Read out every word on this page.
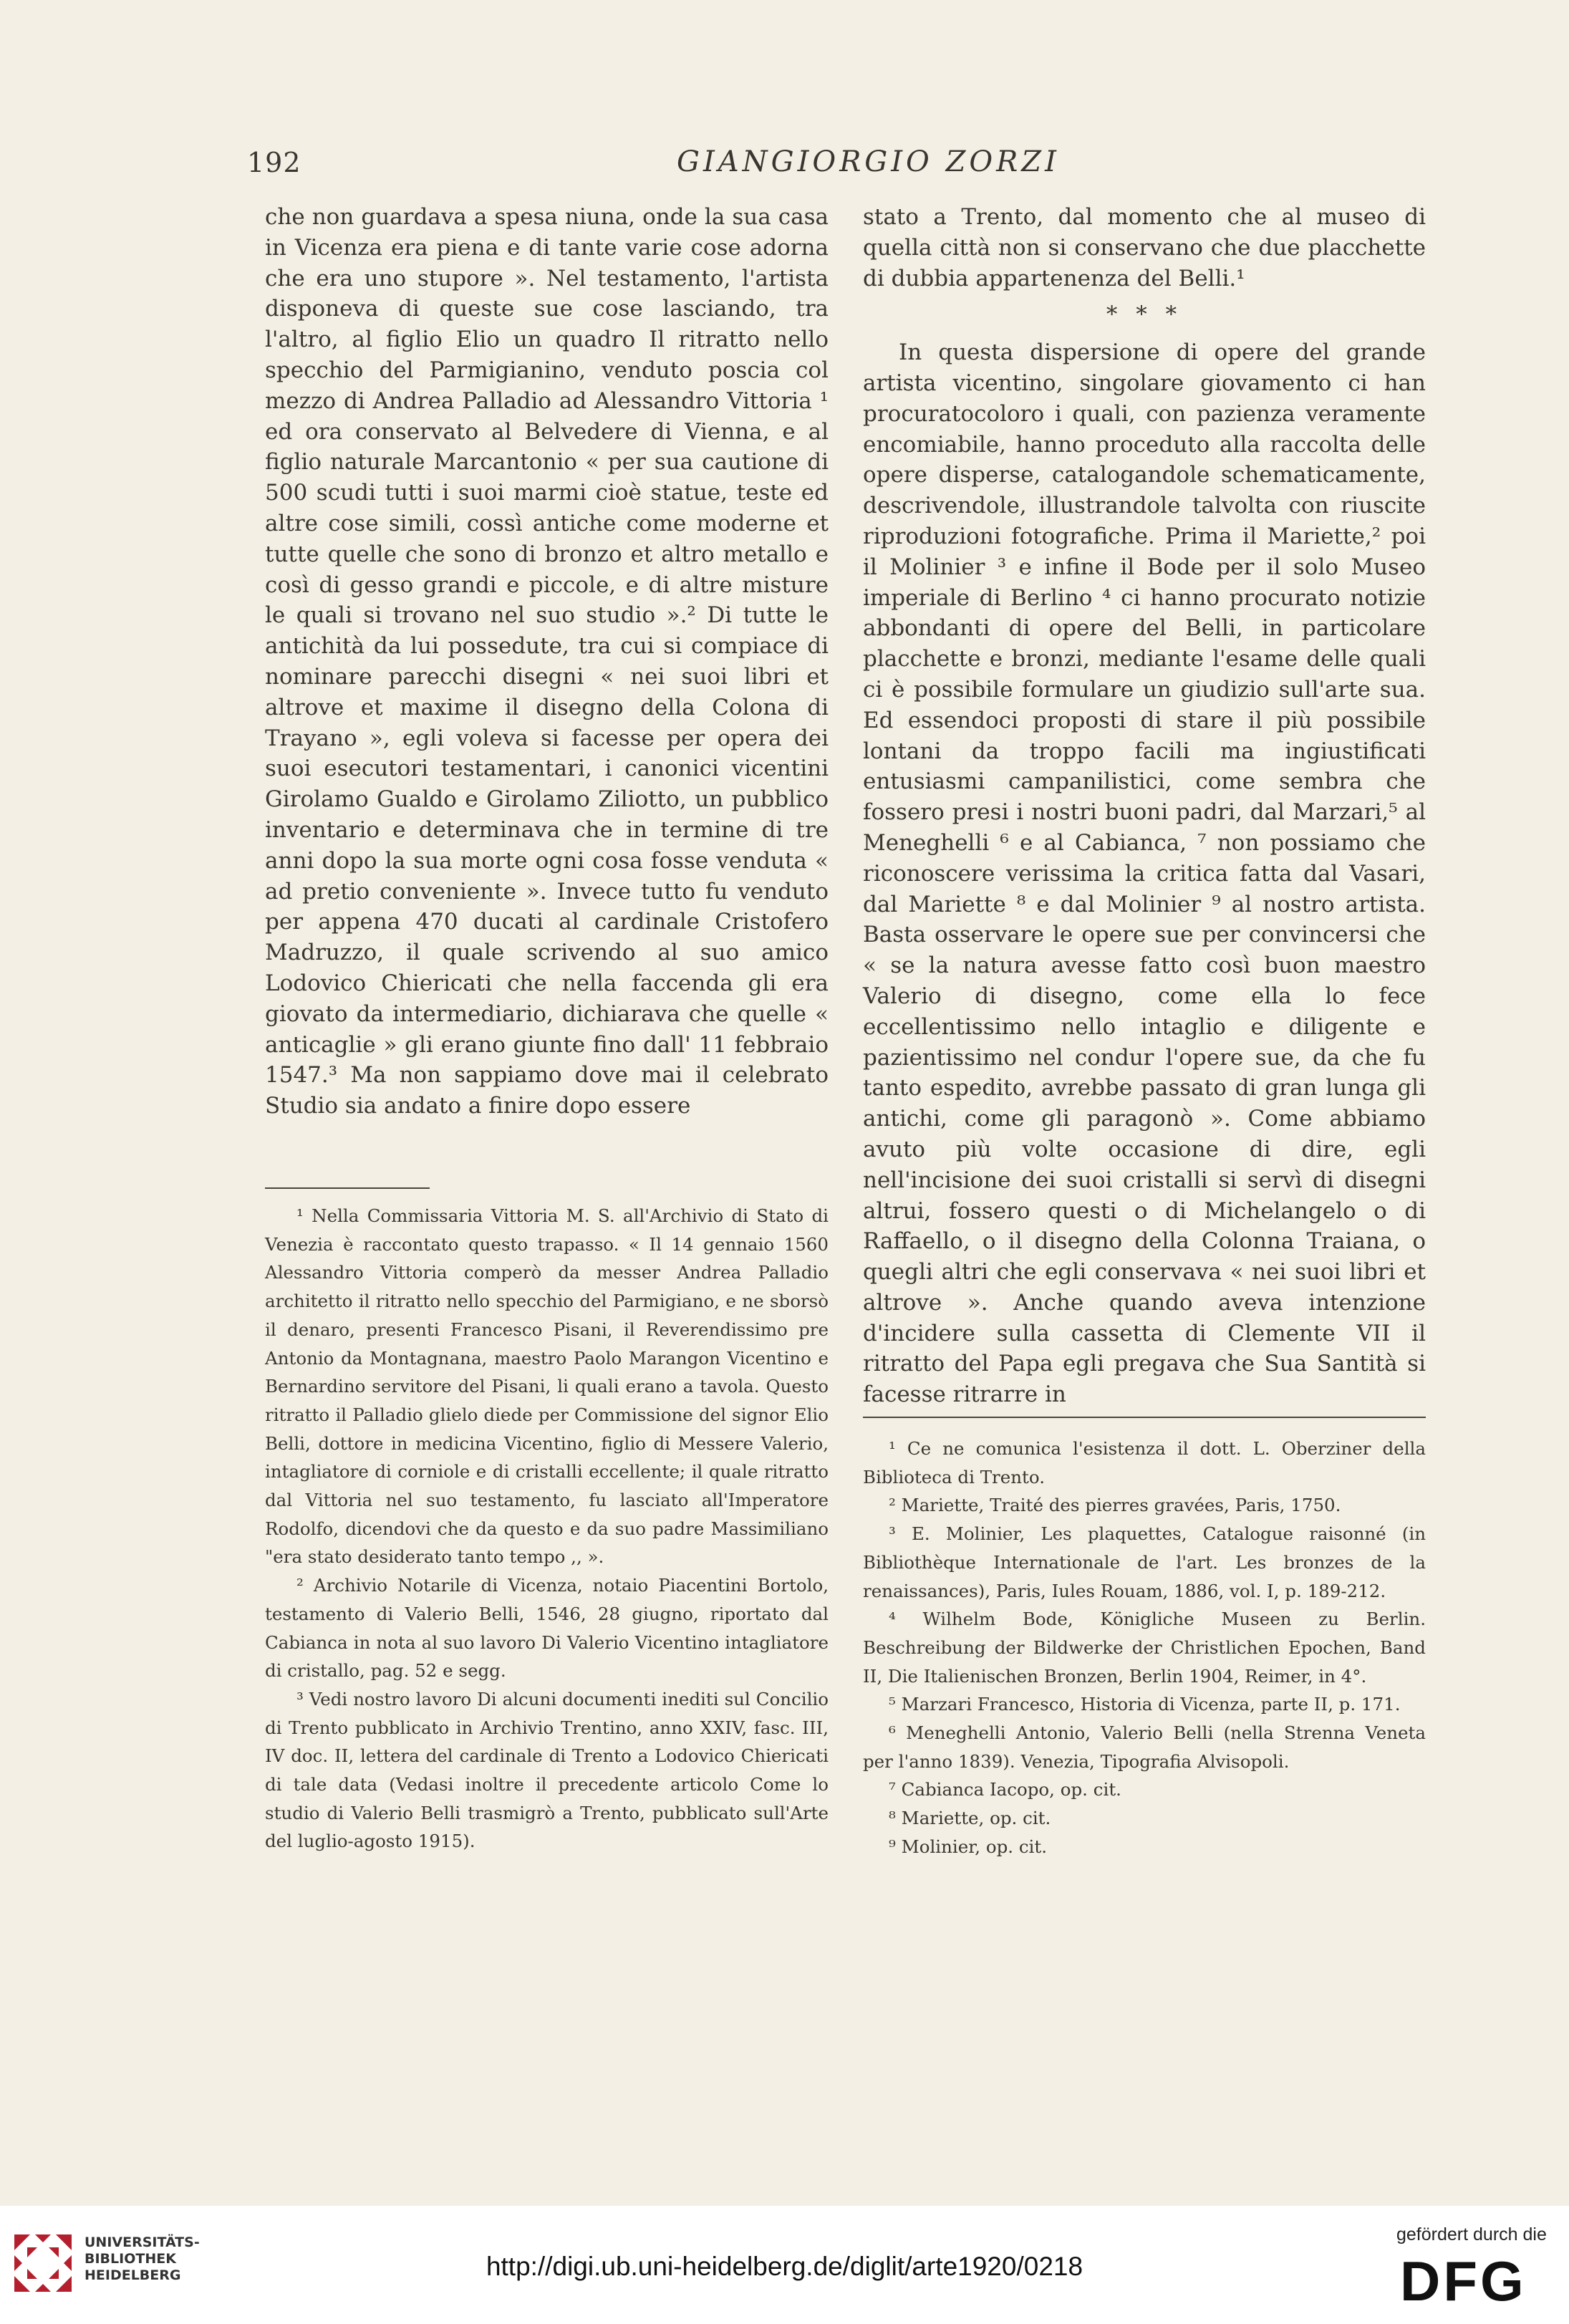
192	GIANGIORGIO ZORZI

che non guardava a spesa niuna, onde la sua casa in Vicenza era piena e di tante varie cose adorna che era uno stupore ». Nel testamento, l'artista disponeva di queste sue cose lasciando, tra l'altro, al figlio Elio un quadro Il ritratto nello specchio del Parmigianino, venduto poscia col mezzo di Andrea Palladio ad Alessandro Vittoria ¹ ed ora conservato al Belvedere di Vienna, e al figlio naturale Marcantonio « per sua cautione di 500 scudi tutti i suoi marmi cioè statue, teste ed altre cose simili, cossì antiche come moderne et tutte quelle che sono di bronzo et altro metallo e così di gesso grandi e piccole, e di altre misture le quali si trovano nel suo studio ».² Di tutte le antichità da lui possedute, tra cui si compiace di nominare parecchi disegni « nei suoi libri et altrove et maxime il disegno della Colona di Trayano », egli voleva si facesse per opera dei suoi esecutori testamentari, i canonici vicentini Girolamo Gualdo e Girolamo Ziliotto, un pubblico inventario e determinava che in termine di tre anni dopo la sua morte ogni cosa fosse venduta « ad pretio conveniente ». Invece tutto fu venduto per appena 470 ducati al cardinale Cristofero Madruzzo, il quale scrivendo al suo amico Lodovico Chiericati che nella faccenda gli era giovato da intermediario, dichiarava che quelle « anticaglie » gli erano giunte fino dall' 11 febbraio 1547.³ Ma non sappiamo dove mai il celebrato Studio sia andato a finire dopo essere

stato a Trento, dal momento che al museo di quella città non si conservano che due placchette di dubbia appartenenza del Belli.¹

* * *

In questa dispersione di opere del grande artista vicentino, singolare giovamento ci han procuratocoloro i quali, con pazienza veramente encomiabile, hanno proceduto alla raccolta delle opere disperse, catalogandole schematicamente, descrivendole, illustrandole talvolta con riuscite riproduzioni fotografiche. Prima il Mariette,² poi il Molinier ³ e infine il Bode per il solo Museo imperiale di Berlino ⁴ ci hanno procurato notizie abbondanti di opere del Belli, in particolare placchette e bronzi, mediante l'esame delle quali ci è possibile formulare un giudizio sull'arte sua. Ed essendoci proposti di stare il più possibile lontani da troppo facili ma ingiustificati entusiasmi campanilistici, come sembra che fossero presi i nostri buoni padri, dal Marzari,⁵ al Meneghelli ⁶ e al Cabianca, ⁷ non possiamo che riconoscere verissima la critica fatta dal Vasari, dal Mariette ⁸ e dal Molinier ⁹ al nostro artista. Basta osservare le opere sue per convincersi che « se la natura avesse fatto così buon maestro Valerio di disegno, come ella lo fece eccellentissimo nello intaglio e diligente e pazientissimo nel condur l'opere sue, da che fu tanto espedito, avrebbe passato di gran lunga gli antichi, come gli paragonò ». Come abbiamo avuto più volte occasione di dire, egli nell'incisione dei suoi cristalli si servì di disegni altrui, fossero questi o di Michelangelo o di Raffaello, o il disegno della Colonna Traiana, o quegli altri che egli conservava « nei suoi libri et altrove ». Anche quando aveva intenzione d'incidere sulla cassetta di Clemente VII il ritratto del Papa egli pregava che Sua Santità si facesse ritrarre in

¹ Nella Commissaria Vittoria M. S. all'Archivio di Stato di Venezia è raccontato questo trapasso. « Il 14 gennaio 1560 Alessandro Vittoria comperò da messer Andrea Palladio architetto il ritratto nello specchio del Parmigiano, e ne sborsò il denaro, presenti Francesco Pisani, il Reverendissimo pre Antonio da Montagnana, maestro Paolo Marangon Vicentino e Bernardino servitore del Pisani, li quali erano a tavola. Questo ritratto il Palladio glielo diede per Commissione del signor Elio Belli, dottore in medicina Vicentino, figlio di Messere Valerio, intagliatore di corniole e di cristalli eccellente; il quale ritratto dal Vittoria nel suo testamento, fu lasciato all'Imperatore Rodolfo, dicendovi che da questo e da suo padre Massimiliano "era stato desiderato tanto tempo ,, ».

² Archivio Notarile di Vicenza, notaio Piacentini Bortolo, testamento di Valerio Belli, 1546, 28 giugno, riportato dal Cabianca in nota al suo lavoro Di Valerio Vicentino intagliatore di cristallo, pag. 52 e segg.

³ Vedi nostro lavoro Di alcuni documenti inediti sul Concilio di Trento pubblicato in Archivio Trentino, anno XXIV, fasc. III, IV doc. II, lettera del cardinale di Trento a Lodovico Chiericati di tale data (Vedasi inoltre il precedente articolo Come lo studio di Valerio Belli trasmigrò a Trento, pubblicato sull'Arte del luglio-agosto 1915).

¹ Ce ne comunica l'esistenza il dott. L. Oberziner della Biblioteca di Trento.

² Mariette, Traité des pierres gravées, Paris, 1750.

³ E. Molinier, Les plaquettes, Catalogue raisonné (in Bibliothèque Internationale de l'art. Les bronzes de la renaissances), Paris, Iules Rouam, 1886, vol. I, p. 189-212.

⁴ Wilhelm Bode, Königliche Museen zu Berlin. Beschreibung der Bildwerke der Christlichen Epochen, Band II, Die Italienischen Bronzen, Berlin 1904, Reimer, in 4°.

⁵ Marzari Francesco, Historia di Vicenza, parte II, p. 171.

⁶ Meneghelli Antonio, Valerio Belli (nella Strenna Veneta per l'anno 1839). Venezia, Tipografia Alvisopoli.

⁷ Cabianca Iacopo, op. cit.

⁸ Mariette, op. cit.

⁹ Molinier, op. cit.

UNIVERSITÄTS-
BIBLIOTHEK
HEIDELBERG	http://digi.ub.uni-heidelberg.de/diglit/arte1920/0218
gefördert durch die
DFG
